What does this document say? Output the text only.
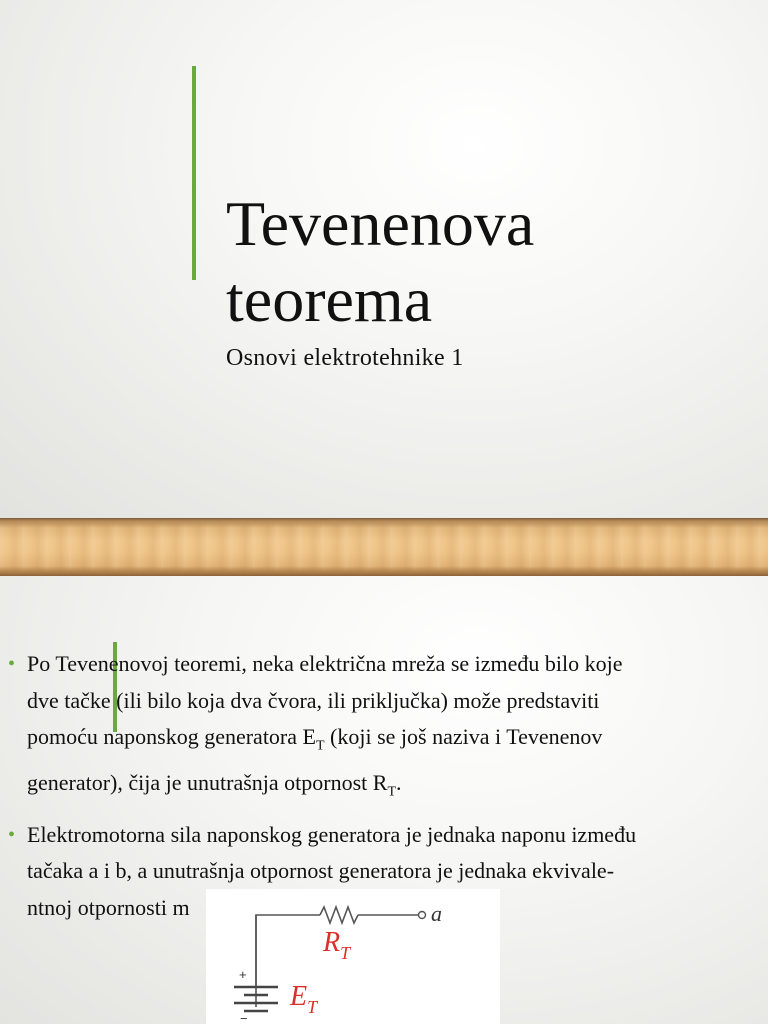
Tevenenova
teorema
Osnovi elektrotehnike 1
• Po Tevenenovoj teoremi, neka električna mreža se između bilo koje
dve tačke (ili bilo koja dva čvora, ili priključka) može predstaviti
pomoću naponskog generatora $E_T$ (koji se još naziva i Tevenenov
generator), čija je unutrašnja otpornost $R_T$.
• Elektromotorna sila naponskog generatora je jednaka naponu između
tačaka a i b, a unutrašnja otpornost generatora je jednaka ekvivale-
ntnoj otpornosti m
+
−
a
$R_T$
$E_T$
